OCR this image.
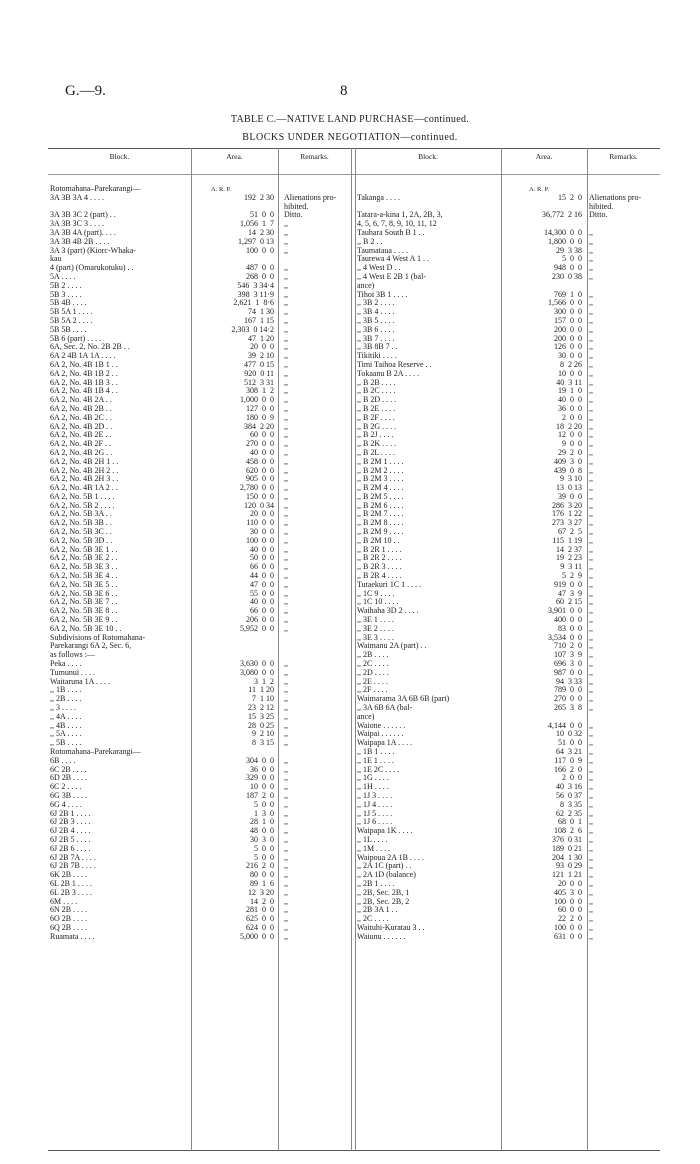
G.—9.	8
TABLE C.—NATIVE LAND PURCHASE—continued.
BLOCKS UNDER NEGOTIATION—continued.
Block.	Area.	Remarks.	Block.	Area.	Remarks.
A. R. P.	A. R. P.
Rotomahana–Parekarangi—
3A 3B 3A 4 . . . .	192  2 30 Alienations pro-
hibited.
3A 3B 3C 2 (part) . .	51  0  0 Ditto.
3A 3B 3C 3 . . . .	1,056  1  7 ,,
3A 3B 4A (part). . . .	14  2 30 ,,
3A 3B 4B 2B . . . .	1,297  0 13 ,,
3A 3 (part) (Kiorc-Whaka-	100  0  0 ,,
kau
4 (part) (Omarukotuku) . .	487  0  0 ,,
5A . . . .	268  0  0 ,,
5B 2 . . . .	546  3 34·4 ,,
5B 3 . . . .	398  3 11·9 ,,
5B 4B . . . .	2,621  1  8·6 ,,
5B 5A 1 . . . .	74  1 30 ,,
5B 5A 2 . . . .	167  1 15 ,,
5B 5B . . . .	2,303  0 14·2 ,,
5B 6 (part) . . . .	47  1 20 ,,
6A, Sec. 2, No. 2B 2B . .	20  0  0 ,,
6A 2 4B 1A 1A . . . .	39  2 10 ,,
6A 2, No. 4B 1B 1 . .	477  0 15 ,,
6A 2, No. 4B 1B 2 . .	920  0 11 ,,
6A 2, No. 4B 1B 3 . .	512  3 31 ,,
6A 2, No. 4B 1B 4 . .	308  1  2 ,,
6A 2, No. 4B 2A . .	1,000  0  0 ,,
6A 2, No. 4B 2B . .	127  0  0 ,,
6A 2, No. 4B 2C . .	180  0  9 ,,
6A 2, No. 4B 2D . .	384  2 20 ,,
6A 2, No. 4B 2E . .	60  0  0 ,,
6A 2, No. 4B 2F . .	270  0  0 ,,
6A 2, No. 4B 2G . .	40  0  0 ,,
6A 2, No. 4B 2H 1 . .	458  0  0 ,,
6A 2, No. 4B 2H 2 . .	620  0  0 ,,
6A 2, No. 4B 2H 3 . .	905  0  0 ,,
6A 2, No. 4B 1A 2 . .	2,780  0  0 ,,
6A 2, No. 5B 1 . . . .	150  0  0 ,,
6A 2, No. 5B 2 . . . .	120  0 34 ,,
6A 2, No. 5B 3A . .	20  0  0 ,,
6A 2, No. 5B 3B . .	110  0  0 ,,
6A 2, No. 5B 3C . .	30  0  0 ,,
6A 2, No. 5B 3D . .	100  0  0 ,,
6A 2, No. 5B 3E 1 . .	40  0  0 ,,
6A 2, No. 5B 3E 2 . .	50  0  0 ,,
6A 2, No. 5B 3E 3 . .	66  0  0 ,,
6A 2, No. 5B 3E 4 . .	44  0  0 ,,
6A 2, No. 5B 3E 5 . .	47  0  0 ,,
6A 2, No. 5B 3E 6 . .	55  0  0 ,,
6A 2, No. 5B 3E 7 . .	40  0  0 ,,
6A 2, No. 5B 3E 8 . .	66  0  0 ,,
6A 2, No. 5B 3E 9 . .	206  0  0 ,,
6A 2, No. 5B 3E 10 . .	5,952  0  0 ,,
Subdivisions of Rotomahana-
Parekarangi 6A 2, Sec. 6,
as follows :—
Peka . . . .	3,630  0  0 ,,
Tumunui . . . .	3,080  0  0 ,,
Waitaruna 1A . . . .	3  1  2 ,,
,, 1B . . . .	11  1 20 ,,
,, 2B . . . .	7  1 10 ,,
,, 3 . . . .	23  2 12 ,,
,, 4A . . . .	15  3 25 ,,
,, 4B . . . .	28  0 25 ,,
,, 5A . . . .	9  2 10 ,,
,, 5B . . . .	8  3 15 ,,
Rotomahana–Parekarangi—
6B . . . .	304  0  0 ,,
6C 2B . . . .	36  0  0 ,,
6D 2B . . . .	329  0  0 ,,
6C 2 . . . .	10  0  0 ,,
6G 3B . . . .	187  2  0 ,,
6G 4 . . . .	5  0  0 ,,
6J 2B 1 . . . .	1  3  0 ,,
6J 2B 3 . . . .	28  1  0 ,,
6J 2B 4 . . . .	48  0  0 ,,
6J 2B 5 . . . .	30  3  0 ,,
6J 2B 6 . . . .	5  0  0 ,,
6J 2B 7A . . . .	5  0  0 ,,
6J 2B 7B . . . .	216  2  0 ,,
6K 2B . . . .	80  0  0 ,,
6L 2B 1 . . . .	89  1  6 ,,
6L 2B 3 . . . .	12  3 20 ,,
6M . . . .	14  2  0 ,,
6N 2B . . . .	281  0  0 ,,
6O 2B . . . .	625  0  0 ,,
6Q 2B . . . .	624  0  0 ,,
Ruamata . . . .	5,000  0  0 ,,
Takanga . . . .	15  2  0 Alienations pro-
hibited.
Tatara-a-kina 1, 2A, 2B, 3,	36,772  2 16 Ditto.
4, 5, 6, 7, 8, 9, 10, 11, 12
Tauhara South B 1 . .	14,300  0  0 ,,
,, B 2 . .	1,800  0  0 ,,
Taumatauа . . . .	29  3 38 ,,
Taurewa 4 West A 1 . .	5  0  0 ,,
,, 4 West D . .	948  0  0 ,,
,, 4 West E 2B 1 (bal-	230  0 38 ,,
ance)
Tihoi 3B 1 . . . .	769  1  0 ,,
,, 3B 2 . . . .	1,566  0  0 ,,
,, 3B 4 . . . .	300  0  0 ,,
,, 3B 5 . . . .	157  0  0 ,,
,, 3B 6 . . . .	200  0  0 ,,
,, 3B 7 . . . .	200  0  0 ,,
,, 3B 8B 7 . .	126  0  0 ,,
Tikitiki . . . .	30  0  0 ,,
Timi Taihoa Reserve . .	8  2 26 ,,
Tokaanu B 2A . . . .	10  0  0 ,,
,, B 2B . . . .	40  3 11 ,,
,, B 2C . . . .	19  1  0 ,,
,, B 2D . . . .	40  0  0 ,,
,, B 2E . . . .	36  0  0 ,,
,, B 2F . . . .	2  0  0 ,,
,, B 2G . . . .	18  2 20 ,,
,, B 2J . . . .	12  0  0 ,,
,, B 2K . . . .	9  0  0 ,,
,, B 2L . . . .	29  2  0 ,,
,, B 2M 1 . . . .	409  3  0 ,,
,, B 2M 2 . . . .	439  0  8 ,,
,, B 2M 3 . . . .	9  3 10 ,,
,, B 2M 4 . . . .	13  0 13 ,,
,, B 2M 5 . . . .	39  0  0 ,,
,, B 2M 6 . . . .	286  3 20 ,,
,, B 2M 7 . . . .	176  1 22 ,,
,, B 2M 8 . . . .	273  3 27 ,,
,, B 2M 9 . . . .	67  2  5 ,,
,, B 2M 10 . .	115  1 19 ,,
,, B 2R 1 . . . .	14  2 37 ,,
,, B 2R 2 . . . .	19  2 23 ,,
,, B 2R 3 . . . .	9  3 11 ,,
,, B 2R 4 . . . .	5  2  9 ,,
Tutaekuri 1C 1 . . . .	919  0  0 ,,
,, 1C 9 . . . .	47  3  9 ,,
,, 1C 10 . . . .	60  2 15 ,,
Waihaha 3D 2 . . . .	3,901  0  0 ,,
,, 3E 1 . . . .	400  0  0 ,,
,, 3E 2 . . . .	83  0  0 ,,
,, 3E 3 . . . .	3,534  0  0 ,,
Waimanu 2A (part) . .	710  2  0 ,,
,, 2B . . . .	107  3  9 ,,
,, 2C . . . .	696  3  0 ,,
,, 2D . . . .	987  0  0 ,,
,, 2E . . . .	94  3 33 ,,
,, 2F . . . .	789  0  0 ,,
Waimarama 3A 6B 6B (part)	270  0  0 ,,
,, 3A 6B 6A (bal-	265  3  8 ,,
ance)
Waione . . . . . .	4,144  0  0 ,,
Waipai . . . . . .	10  0 32 ,,
Waipapa 1A . . . .	51  0  0 ,,
,, 1B 1 . . . .	64  3 21 ,,
,, 1E 1 . . . .	117  0  9 ,,
,, 1E 2C . . . .	166  2  0 ,,
,, 1G . . . .	2  0  0 ,,
,, 1H . . . .	40  3 16 ,,
,, 1J 3 . . . .	56  0 37 ,,
,, 1J 4 . . . .	8  3 35 ,,
,, 1J 5 . . . .	62  2 35 ,,
,, 1J 6 . . . .	68  0  1 ,,
Waipapa 1K . . . .	108  2  6 ,,
,, 1L . . . .	376  0 31 ,,
,, 1M . . . .	189  0 21 ,,
Waipoua 2A 1B . . . .	204  1 30 ,,
,, 2A 1C (part) . .	93  0 29 ,,
,, 2A 1D (balance)	121  1 21 ,,
,, 2B 1 . . . .	20  0  0 ,,
,, 2B, Sec. 2B, 1	405  3  0 ,,
,, 2B, Sec. 2B, 2	100  0  0 ,,
,, 2B 3A 1 . .	60  0  0 ,,
,, 2C . . . .	22  2  0 ,,
Waituhi-Kuratau 3 . .	100  0  0 ,,
Waiunu . . . . . .	631  0  0 ,,
